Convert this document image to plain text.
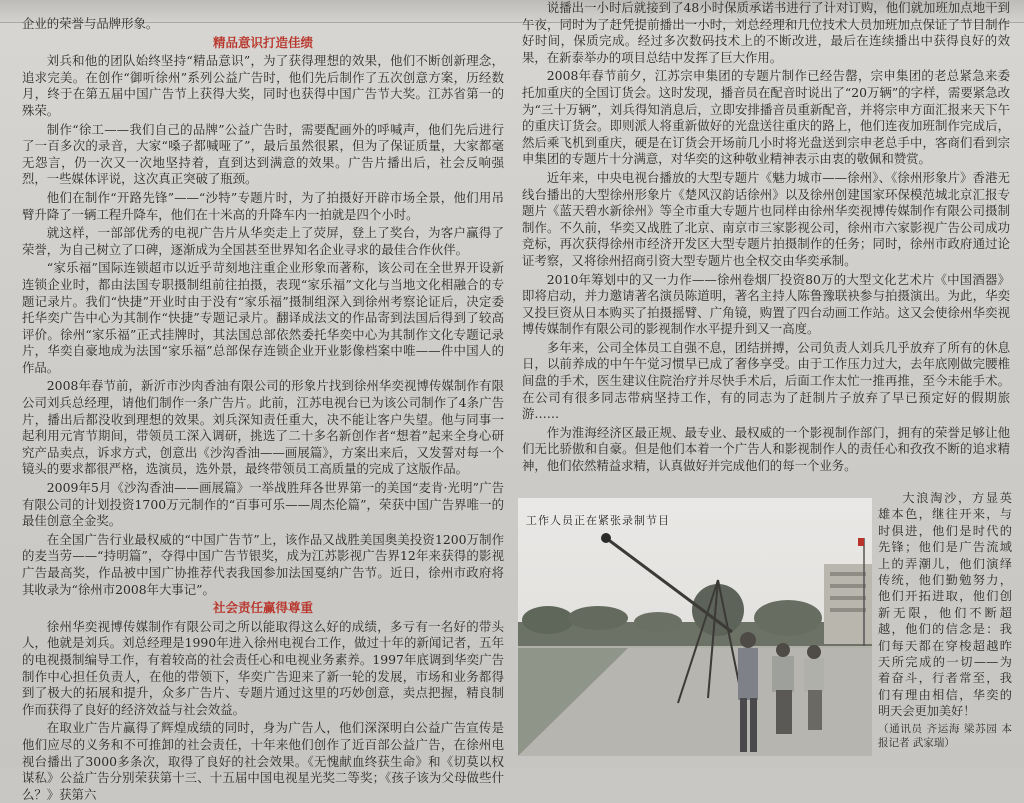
企业的荣誉与品牌形象。

精品意识打造佳绩

刘兵和他的团队始终坚持“精品意识”，为了获得理想的效果，他们不断创新理念，追求完美。在创作“御听徐州”系列公益广告时，他们先后制作了五次创意方案，历经数月，终于在第五届中国广告节上获得大奖，同时也获得中国广告节大奖。江苏省第一的殊荣。

制作“徐工——我们自己的品牌”公益广告时，需要配画外的呼喊声，他们先后进行了一百多次的录音，大家“嗓子都喊哑了”，最后虽然很累，但为了保证质量，大家都毫无怨言，仍一次又一次地坚持着，直到达到满意的效果。广告片播出后，社会反响强烈，一些媒体评说，这次真正突破了瓶颈。

他们在制作“开路先锋”——“沙特”专题片时，为了拍摄好开辟市场全景，他们用吊臂升降了一辆工程升降车，他们在十米高的升降车内一拍就是四个小时。

就这样，一部部优秀的电视广告片从华奕走上了荧屏，登上了奖台，为客户赢得了荣誉，为自己树立了口碑，逐渐成为全国甚至世界知名企业寻求的最佳合作伙伴。

“家乐福”国际连锁超市以近乎苛刻地注重企业形象而著称，该公司在全世界开设新连锁企业时，都由法国专职摄制组前往拍摄，表现“家乐福”文化与当地文化相融合的专题记录片。我们“快捷”开业时由于没有“家乐福”摄制组深入到徐州考察论证后，决定委托华奕广告中心为其制作“快捷”专题记录片。翻译成法文的作品寄到法国后得到了较高评价。徐州“家乐福”正式挂牌时，其法国总部依然委托华奕中心为其制作文化专题记录片，华奕自豪地成为法国“家乐福”总部保存连锁企业开业影像档案中唯——件中国人的作品。

2008年春节前，新沂市沙肉香油有限公司的形象片找到徐州华奕视博传媒制作有限公司刘兵总经理，请他们制作一条广告片。此前，江苏电视台已为该公司制作了4条广告片，播出后都没收到理想的效果。刘兵深知责任重大，决不能让客户失望。他与同事一起利用元宵节期间，带领员工深入调研，挑选了二十多名新创作者“想着”起来全身心研究产品卖点，诉求方式，创意出《沙沟香油——画展篇》，方案出来后，又发誓对每一个镜头的要求都很严格，选演员，选外景，最终带领员工高质量的完成了这版作品。

2009年5月《沙沟香油——画展篇》一举战胜拜各世界第一的美国“麦肯·光明”广告有限公司的计划投资1700万元制作的“百事可乐——周杰伦篇”，荣获中国广告界唯一的最佳创意全金奖。

在全国广告行业最权威的“中国广告节”上，该作品又战胜美国奥美投资1200万制作的麦当劳——“持明篇”，夺得中国广告节银奖，成为江苏影视广告界12年来获得的影视广告最高奖，作品被中国广协推荐代表我国参加法国戛纳广告节。近日，徐州市政府将其收录为“徐州市2008年大事记”。

社会责任赢得尊重

徐州华奕视博传媒制作有限公司之所以能取得这么好的成绩，多亏有一名好的带头人，他就是刘兵。刘总经理是1990年进入徐州电视台工作，做过十年的新闻记者，五年的电视摄制编导工作，有着较高的社会责任心和电视业务素养。1997年底调到华奕广告制作中心担任负责人，在他的带领下，华奕广告迎来了新一轮的发展，市场和业务都得到了极大的拓展和提升，众多广告片、专题片通过这里的巧妙创意，卖点把握，精良制作而获得了良好的经济效益与社会效益。

在取业广告片赢得了辉煌成绩的同时，身为广告人，他们深深明白公益广告宣传是他们应尽的义务和不可推卸的社会责任，十年来他们创作了近百部公益广告，在徐州电视台播出了3000多条次，取得了良好的社会效果。《无愧献血终获生命》和《切莫以权谋私》公益广告分别荣获第十三、十五届中国电视星光奖二等奖；《孩子该为父母做些什么？》获第六

说播出一小时后就接到了48小时保质承诺书进行了计对订购，他们就加班加点地干到午夜，同时为了赶凭提前播出一小时，刘总经理和几位技术人员加班加点保证了节目制作好时间，保质完成。经过多次数码技术上的不断改进，最后在连续播出中获得良好的效果，在新泰举办的项目总结中发挥了巨大作用。

2008年春节前夕，江苏宗申集团的专题片制作已经告罄，宗申集团的老总紧急来委托加重庆的全国订货会。这时发现，播音员在配音时说出了“20万辆”的字样，需要紧急改为“三十万辆”，刘兵得知消息后，立即安排播音员重新配音，并将宗申方面汇报来天下午的重庆订货会。即则派人将重新做好的光盘送往重庆的路上，他们连夜加班制作完成后，然后乘飞机到重庆，硬是在订货会开场前几小时将光盘送到宗申老总手中，客商们看到宗申集团的专题片十分满意，对华奕的这种敬业精神表示由衷的敬佩和赞赏。

近年来，中央电视台播放的大型专题片《魅力城市——徐州》、《徐州形象片》香港无线台播出的大型徐州形象片《楚风汉韵话徐州》以及徐州创建国家环保模范城北京汇报专题片《蓝天碧水新徐州》等全市重大专题片也同样由徐州华奕视博传媒制作有限公司摄制制作。不久前，华奕又战胜了北京、南京市三家影视公司，徐州市六家影视广告公司成功竞标，再次获得徐州市经济开发区大型专题片拍摄制作的任务；同时，徐州市政府通过论证考察，又将徐州招商引资大型专题片也全权交由华奕承制。

2010年筹划中的又一力作——徐州卷烟厂投资80万的大型文化艺术片《中国酒器》即将启动，并力邀请著名演员陈道明，著名主持人陈鲁豫联袂参与拍摄演出。为此，华奕又投巨资从日本购买了拍摄摇臂、广角镜，购置了四台动画工作站。这又会使徐州华奕视博传媒制作有限公司的影视制作水平提升到又一高度。

多年来，公司全体员工自强不息，团结拼搏，公司负责人刘兵几乎放弃了所有的休息日，以前养成的中午午觉习惯早已成了奢侈享受。由于工作压力过大，去年底刚做完腰椎间盘的手术，医生建议住院治疗并尽快手术后，后面工作太忙一推再推，至今未能手术。在公司有很多同志带病坚持工作，有的同志为了赶制片子放弃了早已预定好的假期旅游……

作为淮海经济区最正规、最专业、最权威的一个影视制作部门，拥有的荣誉足够让他们无比骄傲和自豪。但是他们本着一个广告人和影视制作人的责任心和孜孜不断的追求精神，他们依然精益求精，认真做好并完成他们的每一个业务。

工作人员正在紧张录制节目

大浪淘沙，方显英雄本色，继往开来，与时俱进，他们是时代的先锋；他们是广告流域上的弄潮儿，他们演绎传统，他们勤勉努力，他们开拓进取，他们创新无限，他们不断超越，他们的信念是：我们每天都在穿梭超越昨天所完成的一切——为着奋斗，行者常至，我们有理由相信，华奕的明天会更加美好！

（通讯员 齐运海 梁苏园 本报记者 武家瑞）
